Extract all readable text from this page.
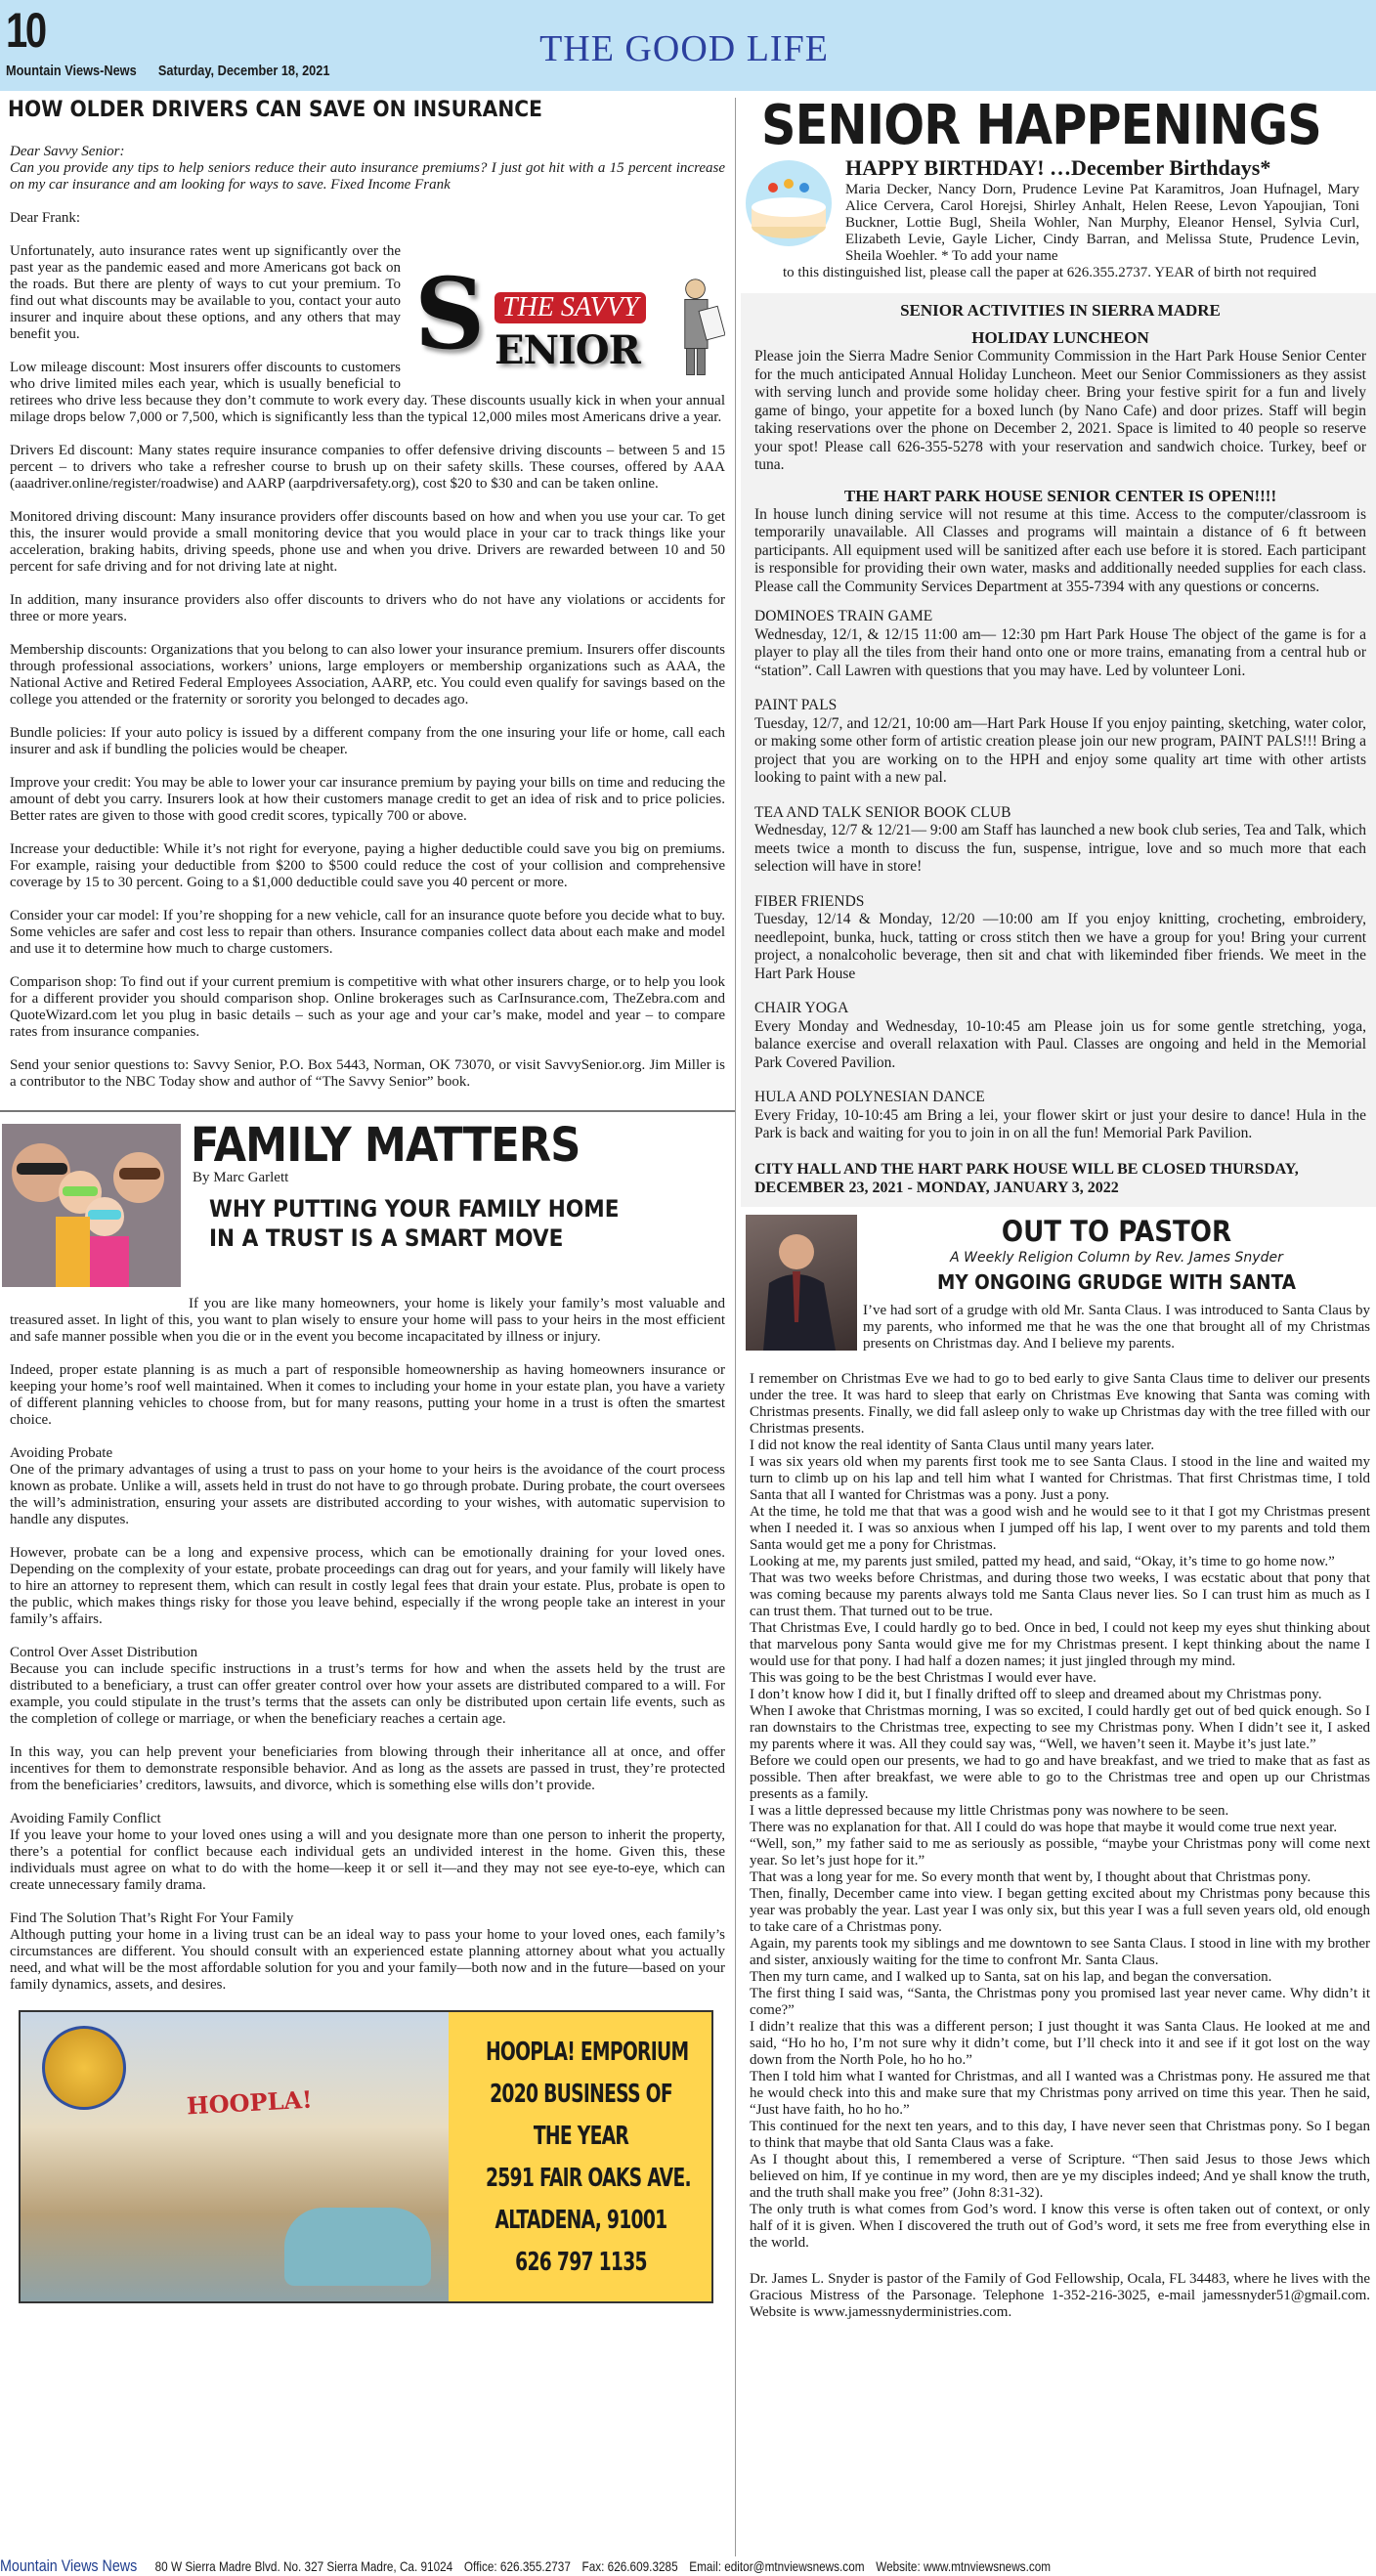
10
Mountain Views-News Saturday, December 18, 2021
THE GOOD LIFE
HOW OLDER DRIVERS CAN SAVE ON INSURANCE
Dear Savvy Senior:
Can you provide any tips to help seniors reduce their auto insurance premiums? I just got hit with a 15 percent increase on my car insurance and am looking for ways to save. Fixed Income Frank

Dear Frank:

S THE SAVVY
ENIOR

Unfortunately, auto insurance rates went up significantly over the past year as the pandemic eased and more Americans got back on the roads. But there are plenty of ways to cut your premium. To find out what discounts may be available to you, contact your auto insurer and inquire about these options, and any others that may benefit you.

Low mileage discount: Most insurers offer discounts to customers who drive limited miles each year, which is usually beneficial to retirees who drive less because they don’t commute to work every day. These discounts usually kick in when your annual milage drops below 7,000 or 7,500, which is significantly less than the typical 12,000 miles most Americans drive a year.

Drivers Ed discount: Many states require insurance companies to offer defensive driving discounts – between 5 and 15 percent – to drivers who take a refresher course to brush up on their safety skills. These courses, offered by AAA (aaadriver.online/register/roadwise) and AARP (aarpdriversafety.org), cost $20 to $30 and can be taken online.

Monitored driving discount: Many insurance providers offer discounts based on how and when you use your car. To get this, the insurer would provide a small monitoring device that you would place in your car to track things like your acceleration, braking habits, driving speeds, phone use and when you drive. Drivers are rewarded between 10 and 50 percent for safe driving and for not driving late at night.

In addition, many insurance providers also offer discounts to drivers who do not have any violations or accidents for three or more years.

Membership discounts: Organizations that you belong to can also lower your insurance premium. Insurers offer discounts through professional associations, workers’ unions, large employers or membership organizations such as AAA, the National Active and Retired Federal Employees Association, AARP, etc. You could even qualify for savings based on the college you attended or the fraternity or sorority you belonged to decades ago.

Bundle policies: If your auto policy is issued by a different company from the one insuring your life or home, call each insurer and ask if bundling the policies would be cheaper.

Improve your credit: You may be able to lower your car insurance premium by paying your bills on time and reducing the amount of debt you carry. Insurers look at how their customers manage credit to get an idea of risk and to price policies. Better rates are given to those with good credit scores, typically 700 or above.

Increase your deductible: While it’s not right for everyone, paying a higher deductible could save you big on premiums. For example, raising your deductible from $200 to $500 could reduce the cost of your collision and comprehensive coverage by 15 to 30 percent. Going to a $1,000 deductible could save you 40 percent or more.

Consider your car model: If you’re shopping for a new vehicle, call for an insurance quote before you decide what to buy. Some vehicles are safer and cost less to repair than others. Insurance companies collect data about each make and model and use it to determine how much to charge customers.

Comparison shop: To find out if your current premium is competitive with what other insurers charge, or to help you look for a different provider you should comparison shop. Online brokerages such as CarInsurance.com, TheZebra.com and QuoteWizard.com let you plug in basic details – such as your age and your car’s make, model and year – to compare rates from insurance companies.

Send your senior questions to: Savvy Senior, P.O. Box 5443, Norman, OK 73070, or visit SavvySenior.org. Jim Miller is a contributor to the NBC Today show and author of “The Savvy Senior” book.

FAMILY MATTERS
By Marc Garlett
WHY PUTTING YOUR FAMILY HOME
IN A TRUST IS A SMART MOVE
If you are like many homeowners, your home is likely your family’s most valuable and treasured asset. In light of this, you want to plan wisely to ensure your home will pass to your heirs in the most efficient and safe manner possible when you die or in the event you become incapacitated by illness or injury.
Indeed, proper estate planning is as much a part of responsible homeownership as having homeowners insurance or keeping your home’s roof well maintained. When it comes to including your home in your estate plan, you have a variety of different planning vehicles to choose from, but for many reasons, putting your home in a trust is often the smartest choice.
Avoiding Probate
One of the primary advantages of using a trust to pass on your home to your heirs is the avoidance of the court process known as probate. Unlike a will, assets held in trust do not have to go through probate. During probate, the court oversees the will’s administration, ensuring your assets are distributed according to your wishes, with automatic supervision to handle any disputes.
However, probate can be a long and expensive process, which can be emotionally draining for your loved ones. Depending on the complexity of your estate, probate proceedings can drag out for years, and your family will likely have to hire an attorney to represent them, which can result in costly legal fees that drain your estate. Plus, probate is open to the public, which makes things risky for those you leave behind, especially if the wrong people take an interest in your family’s affairs.
Control Over Asset Distribution
Because you can include specific instructions in a trust’s terms for how and when the assets held by the trust are distributed to a beneficiary, a trust can offer greater control over how your assets are distributed compared to a will. For example, you could stipulate in the trust’s terms that the assets can only be distributed upon certain life events, such as the completion of college or marriage, or when the beneficiary reaches a certain age.
In this way, you can help prevent your beneficiaries from blowing through their inheritance all at once, and offer incentives for them to demonstrate responsible behavior. And as long as the assets are passed in trust, they’re protected from the beneficiaries’ creditors, lawsuits, and divorce, which is something else wills don’t provide.
Avoiding Family Conflict
If you leave your home to your loved ones using a will and you designate more than one person to inherit the property, there’s a potential for conflict because each individual gets an undivided interest in the home. Given this, these individuals must agree on what to do with the home—keep it or sell it—and they may not see eye-to-eye, which can create unnecessary family drama.
Find The Solution That’s Right For Your Family
Although putting your home in a living trust can be an ideal way to pass your home to your loved ones, each family’s circumstances are different. You should consult with an experienced estate planning attorney about what you actually need, and what will be the most affordable solution for you and your family—both now and in the future—based on your family dynamics, assets, and desires.
HOOPLA!
HOOPLA! EMPORIUM
2020 BUSINESS OF
THE YEAR
2591 FAIR OAKS AVE.
ALTADENA, 91001
626 797 1135
SENIOR HAPPENINGS
HAPPY BIRTHDAY! …December Birthdays*
Maria Decker, Nancy Dorn, Prudence Levine Pat Karamitros, Joan Hufnagel, Mary Alice Cervera, Carol Horejsi, Shirley Anhalt, Helen Reese, Levon Yapoujian, Toni Buckner, Lottie Bugl, Sheila Wohler, Nan Murphy, Eleanor Hensel, Sylvia Curl, Elizabeth Levie, Gayle Licher, Cindy Barran, and Melissa Stute, Prudence Levin, Sheila Woehler. * To add your name
to this distinguished list, please call the paper at 626.355.2737. YEAR of birth not required
SENIOR ACTIVITIES IN SIERRA MADRE
HOLIDAY LUNCHEON

Please join the Sierra Madre Senior Community Commission in the Hart Park House Senior Center for the much anticipated Annual Holiday Luncheon. Meet our Senior Commissioners as they assist with serving lunch and provide some holiday cheer. Bring your festive spirit for a fun and lively game of bingo, your appetite for a boxed lunch (by Nano Cafe) and door prizes. Staff will begin taking reservations over the phone on December 2, 2021. Space is limited to 40 people so reserve your spot! Please call 626-355-5278 with your reservation and sandwich choice. Turkey, beef or tuna.

THE HART PARK HOUSE SENIOR CENTER IS OPEN!!!!

In house lunch dining service will not resume at this time. Access to the computer/classroom is temporarily unavailable. All Classes and programs will maintain a distance of 6 ft between participants. All equipment used will be sanitized after each use before it is stored. Each participant is responsible for providing their own water, masks and additionally needed supplies for each class. Please call the Community Services Department at 355-7394 with any questions or concerns.

DOMINOES TRAIN GAME
Wednesday, 12/1, & 12/15 11:00 am— 12:30 pm Hart Park House The object of the game is for a player to play all the tiles from their hand onto one or more trains, emanating from a central hub or “station”. Call Lawren with questions that you may have. Led by volunteer Loni.
PAINT PALS
Tuesday, 12/7, and 12/21, 10:00 am—Hart Park House If you enjoy painting, sketching, water color, or making some other form of artistic creation please join our new program, PAINT PALS!!! Bring a project that you are working on to the HPH and enjoy some quality art time with other artists looking to paint with a new pal.
TEA AND TALK SENIOR BOOK CLUB
Wednesday, 12/7 & 12/21— 9:00 am Staff has launched a new book club series, Tea and Talk, which meets twice a month to discuss the fun, suspense, intrigue, love and so much more that each selection will have in store!
FIBER FRIENDS
Tuesday, 12/14 & Monday, 12/20 —10:00 am If you enjoy knitting, crocheting, embroidery, needlepoint, bunka, huck, tatting or cross stitch then we have a group for you! Bring your current project, a nonalcoholic beverage, then sit and chat with likeminded fiber friends. We meet in the Hart Park House
CHAIR YOGA
Every Monday and Wednesday, 10-10:45 am Please join us for some gentle stretching, yoga, balance exercise and overall relaxation with Paul. Classes are ongoing and held in the Memorial Park Covered Pavilion.
HULA AND POLYNESIAN DANCE
Every Friday, 10-10:45 am Bring a lei, your flower skirt or just your desire to dance! Hula in the Park is back and waiting for you to join in on all the fun! Memorial Park Pavilion.
CITY HALL AND THE HART PARK HOUSE WILL BE CLOSED THURSDAY, DECEMBER 23, 2021 - MONDAY, JANUARY 3, 2022
OUT TO PASTOR
A Weekly Religion Column by Rev. James Snyder
MY ONGOING GRUDGE WITH SANTA

I’ve had sort of a grudge with old Mr. Santa Claus. I was introduced to Santa Claus by my parents, who informed me that he was the one that brought all of my Christmas presents on Christmas day. And I believe my parents.

I remember on Christmas Eve we had to go to bed early to give Santa Claus time to deliver our presents under the tree. It was hard to sleep that early on Christmas Eve knowing that Santa was coming with Christmas presents. Finally, we did fall asleep only to wake up Christmas day with the tree filled with our Christmas presents.

I did not know the real identity of Santa Claus until many years later.

I was six years old when my parents first took me to see Santa Claus. I stood in the line and waited my turn to climb up on his lap and tell him what I wanted for Christmas. That first Christmas time, I told Santa that all I wanted for Christmas was a pony. Just a pony.

At the time, he told me that that was a good wish and he would see to it that I got my Christmas present when I needed it. I was so anxious when I jumped off his lap, I went over to my parents and told them Santa would get me a pony for Christmas.

Looking at me, my parents just smiled, patted my head, and said, “Okay, it’s time to go home now.”

That was two weeks before Christmas, and during those two weeks, I was ecstatic about that pony that was coming because my parents always told me Santa Claus never lies. So I can trust him as much as I can trust them. That turned out to be true.

That Christmas Eve, I could hardly go to bed. Once in bed, I could not keep my eyes shut thinking about that marvelous pony Santa would give me for my Christmas present. I kept thinking about the name I would use for that pony. I had half a dozen names; it just jingled through my mind.

This was going to be the best Christmas I would ever have.

I don’t know how I did it, but I finally drifted off to sleep and dreamed about my Christmas pony.

When I awoke that Christmas morning, I was so excited, I could hardly get out of bed quick enough. So I ran downstairs to the Christmas tree, expecting to see my Christmas pony. When I didn’t see it, I asked my parents where it was. All they could say was, “Well, we haven’t seen it. Maybe it’s just late.”

Before we could open our presents, we had to go and have breakfast, and we tried to make that as fast as possible. Then after breakfast, we were able to go to the Christmas tree and open up our Christmas presents as a family.

I was a little depressed because my little Christmas pony was nowhere to be seen.

There was no explanation for that. All I could do was hope that maybe it would come true next year.

“Well, son,” my father said to me as seriously as possible, “maybe your Christmas pony will come next year. So let’s just hope for it.”

That was a long year for me. So every month that went by, I thought about that Christmas pony.

Then, finally, December came into view. I began getting excited about my Christmas pony because this year was probably the year. Last year I was only six, but this year I was a full seven years old, old enough to take care of a Christmas pony.

Again, my parents took my siblings and me downtown to see Santa Claus. I stood in line with my brother and sister, anxiously waiting for the time to confront Mr. Santa Claus.

Then my turn came, and I walked up to Santa, sat on his lap, and began the conversation.

The first thing I said was, “Santa, the Christmas pony you promised last year never came. Why didn’t it come?”

I didn’t realize that this was a different person; I just thought it was Santa Claus. He looked at me and said, “Ho ho ho, I’m not sure why it didn’t come, but I’ll check into it and see if it got lost on the way down from the North Pole, ho ho ho.”

Then I told him what I wanted for Christmas, and all I wanted was a Christmas pony. He assured me that he would check into this and make sure that my Christmas pony arrived on time this year. Then he said, “Just have faith, ho ho ho.”

This continued for the next ten years, and to this day, I have never seen that Christmas pony. So I began to think that maybe that old Santa Claus was a fake.

As I thought about this, I remembered a verse of Scripture. “Then said Jesus to those Jews which believed on him, If ye continue in my word, then are ye my disciples indeed; And ye shall know the truth, and the truth shall make you free” (John 8:31-32).

The only truth is what comes from God’s word. I know this verse is often taken out of context, or only half of it is given. When I discovered the truth out of God’s word, it sets me free from everything else in the world.

Dr. James L. Snyder is pastor of the Family of God Fellowship, Ocala, FL 34483, where he lives with the Gracious Mistress of the Parsonage. Telephone 1-352-216-3025, e-mail jamessnyder51@gmail.com. Website is www.jamessnyderministries.com.

Mountain Views News 80 W Sierra Madre Blvd. No. 327 Sierra Madre, Ca. 91024 Office: 626.355.2737 Fax: 626.609.3285 Email: editor@mtnviewsnews.com Website: www.mtnviewsnews.com
